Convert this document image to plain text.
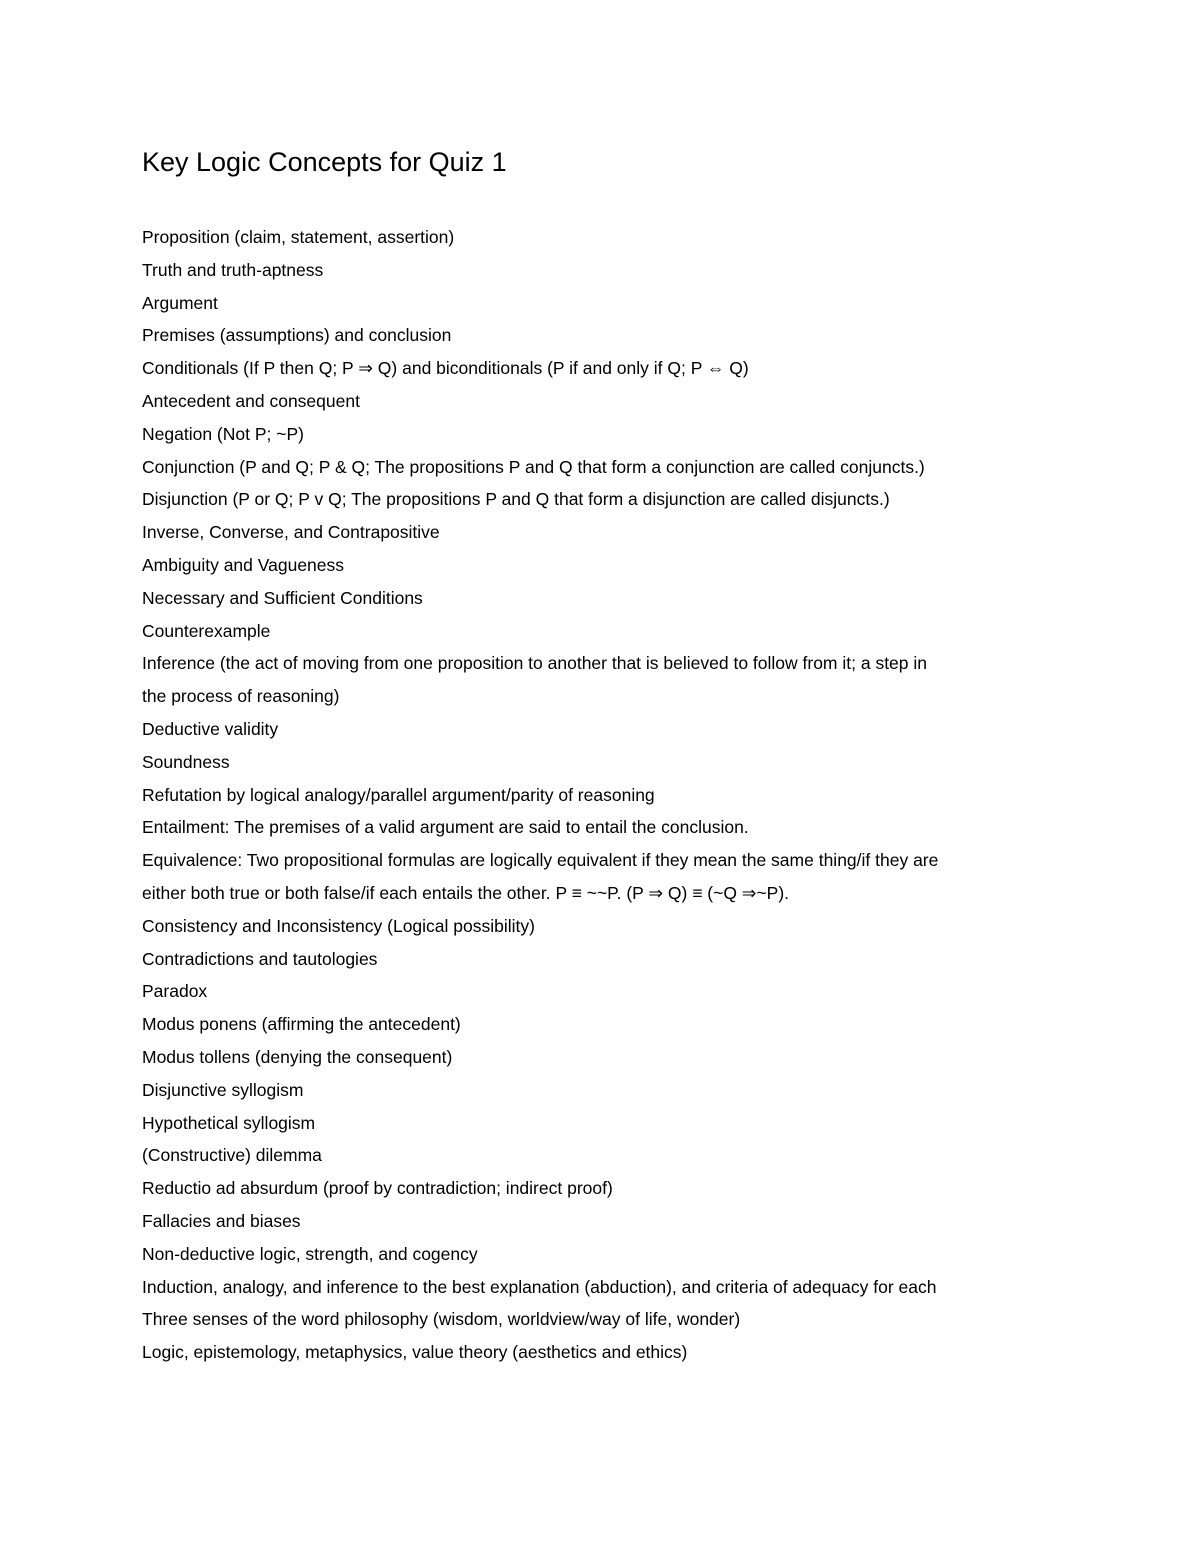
Key Logic Concepts for Quiz 1
Proposition (claim, statement, assertion)
Truth and truth-aptness
Argument
Premises (assumptions) and conclusion
Conditionals (If P then Q; P ⇒ Q) and biconditionals (P if and only if Q; P ⇔ Q)
Antecedent and consequent
Negation (Not P; ~P)
Conjunction (P and Q; P & Q; The propositions P and Q that form a conjunction are called conjuncts.)
Disjunction (P or Q; P v Q; The propositions P and Q that form a disjunction are called disjuncts.)
Inverse, Converse, and Contrapositive
Ambiguity and Vagueness
Necessary and Sufficient Conditions
Counterexample
Inference (the act of moving from one proposition to another that is believed to follow from it; a step in
the process of reasoning)
Deductive validity
Soundness
Refutation by logical analogy/parallel argument/parity of reasoning
Entailment: The premises of a valid argument are said to entail the conclusion.
Equivalence: Two propositional formulas are logically equivalent if they mean the same thing/if they are
either both true or both false/if each entails the other. P ≡ ~~P. (P ⇒ Q) ≡ (~Q ⇒~P).
Consistency and Inconsistency (Logical possibility)
Contradictions and tautologies
Paradox
Modus ponens (affirming the antecedent)
Modus tollens (denying the consequent)
Disjunctive syllogism
Hypothetical syllogism
(Constructive) dilemma
Reductio ad absurdum (proof by contradiction; indirect proof)
Fallacies and biases
Non-deductive logic, strength, and cogency
Induction, analogy, and inference to the best explanation (abduction), and criteria of adequacy for each
Three senses of the word philosophy (wisdom, worldview/way of life, wonder)
Logic, epistemology, metaphysics, value theory (aesthetics and ethics)
